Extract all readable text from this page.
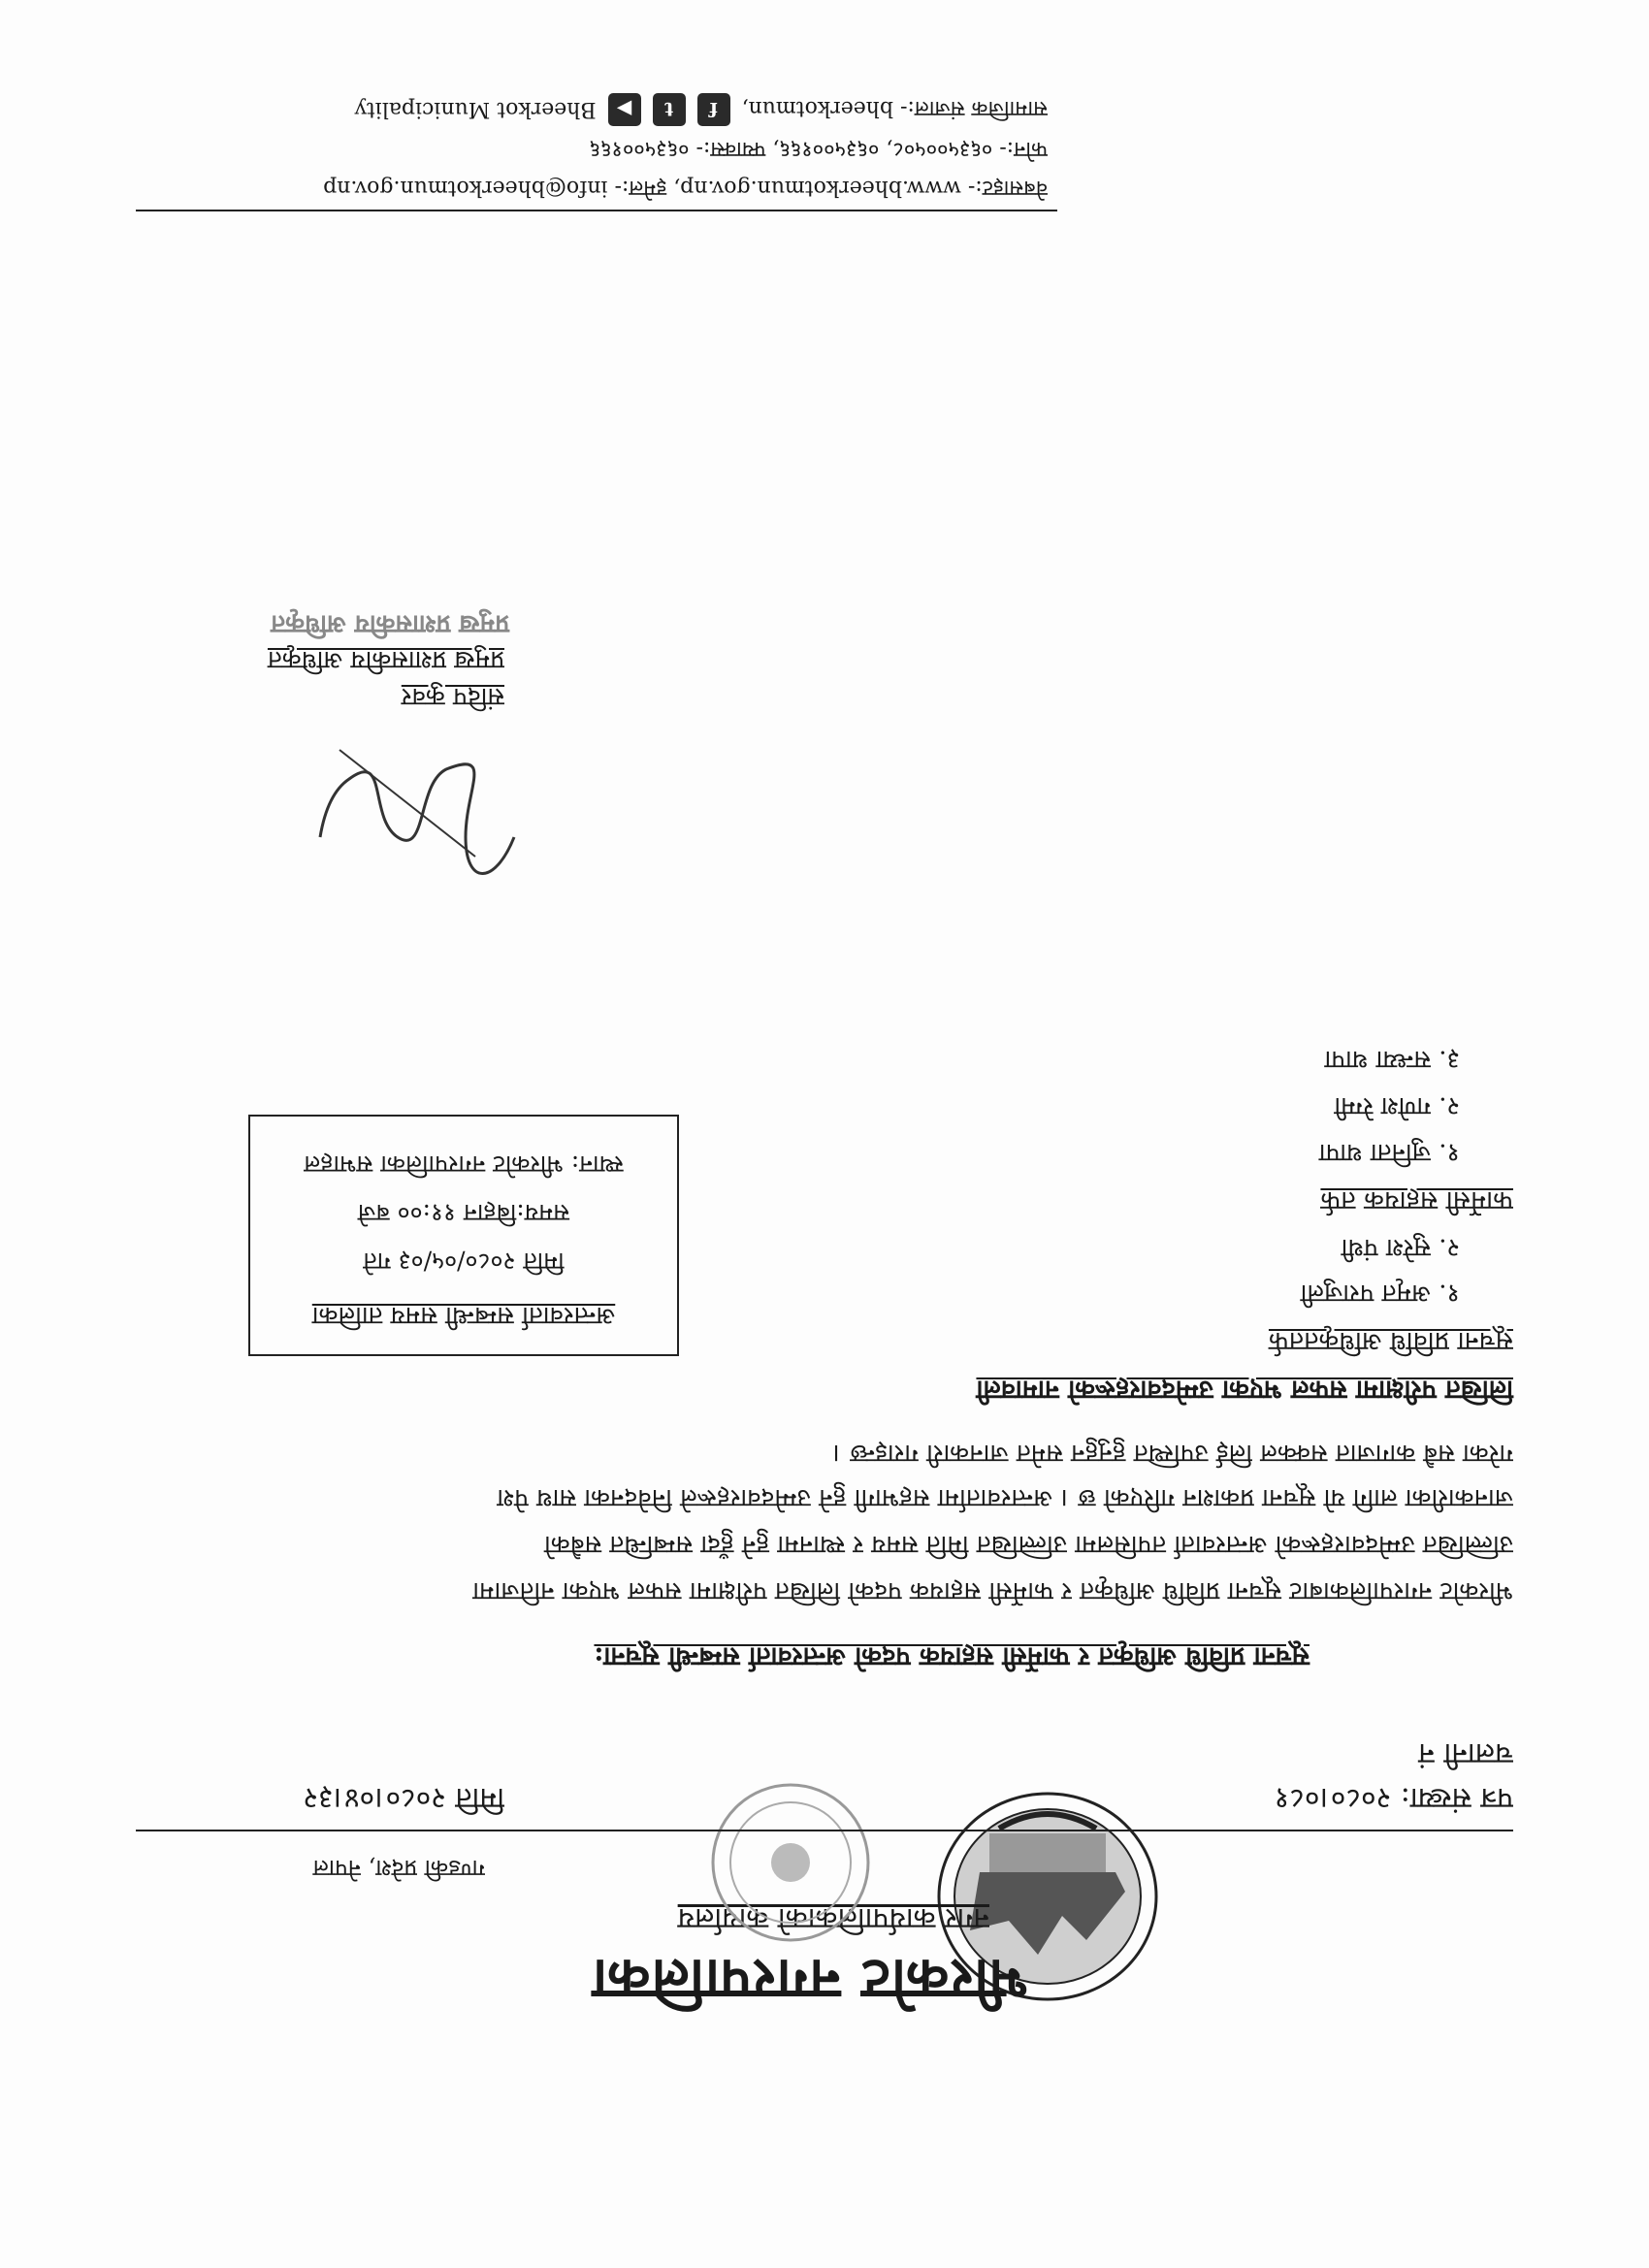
भीरकोट नगरपालिका
नगर कार्यपालिकाको कार्यालय
गण्डकी प्रदेश, नेपाल
पत्र संख्या: २०८०।०८१
मिति २०८०।०४।३२
चलानी नं
सूचना प्रविधि अधिकृत र फार्मेसी सहायक पदको अन्तरवार्ता सम्बन्धी सूचना:
भीरकोट नगरपालिकाबाट सूचना प्रविधि अधिकृत र फार्मेसी सहायक पदको लिखित परीक्षामा सफल भएका नतिजामा
उल्लिखित उम्मेदवारहरूको अन्तरवार्ता तपसिलमा उल्लिखित मिति समय र स्थानमा हुने हुँदा सम्बन्धित सबैको
जानकारीका लागि यो सूचना प्रकाशन गरिएको छ । अन्तरवार्तामा सहभागी हुने उम्मेदवारहरूले निवेदनका साथ पेश
गरेका सबै कागजात सक्कल लिई उपस्थित हुनुहुन समेत जानकारी गराइन्छ ।
लिखित परीक्षामा सफल भएका उम्मेदवारहरूको नामावली
सूचना प्रविधि अधिकृततर्फ
१. अमृत पराजुली
२. सुरेश पंथी
फार्मेसी सहायक तर्फ
१. जुनिता थापा
२. गणेश रेग्मी
३. सन्ध्या थापा
अन्तरवार्ता सम्बन्धी समय तालिका
मिति २०८०/०५/०३ गते
समय:बिहान ११:०० बजे
स्थान: भीरकोट नगरपालिका सभाहल
संदिप कुवर
प्रमुख प्रशासकीय अधिकृत
प्रमुख प्रशासकीय अधिकृत
वेबसाइट:- www.bheerkotmun.gov.np, इमेल:- info@bheerkotmun.gov.np
फोन:- ०६३५००५०८, ०६३५००१६६, फ्याक्स:- ०६३५००१६६
सामाजिक संजाल:- bheerkotmun,
f
t
▶
Bheerkot Municipality
